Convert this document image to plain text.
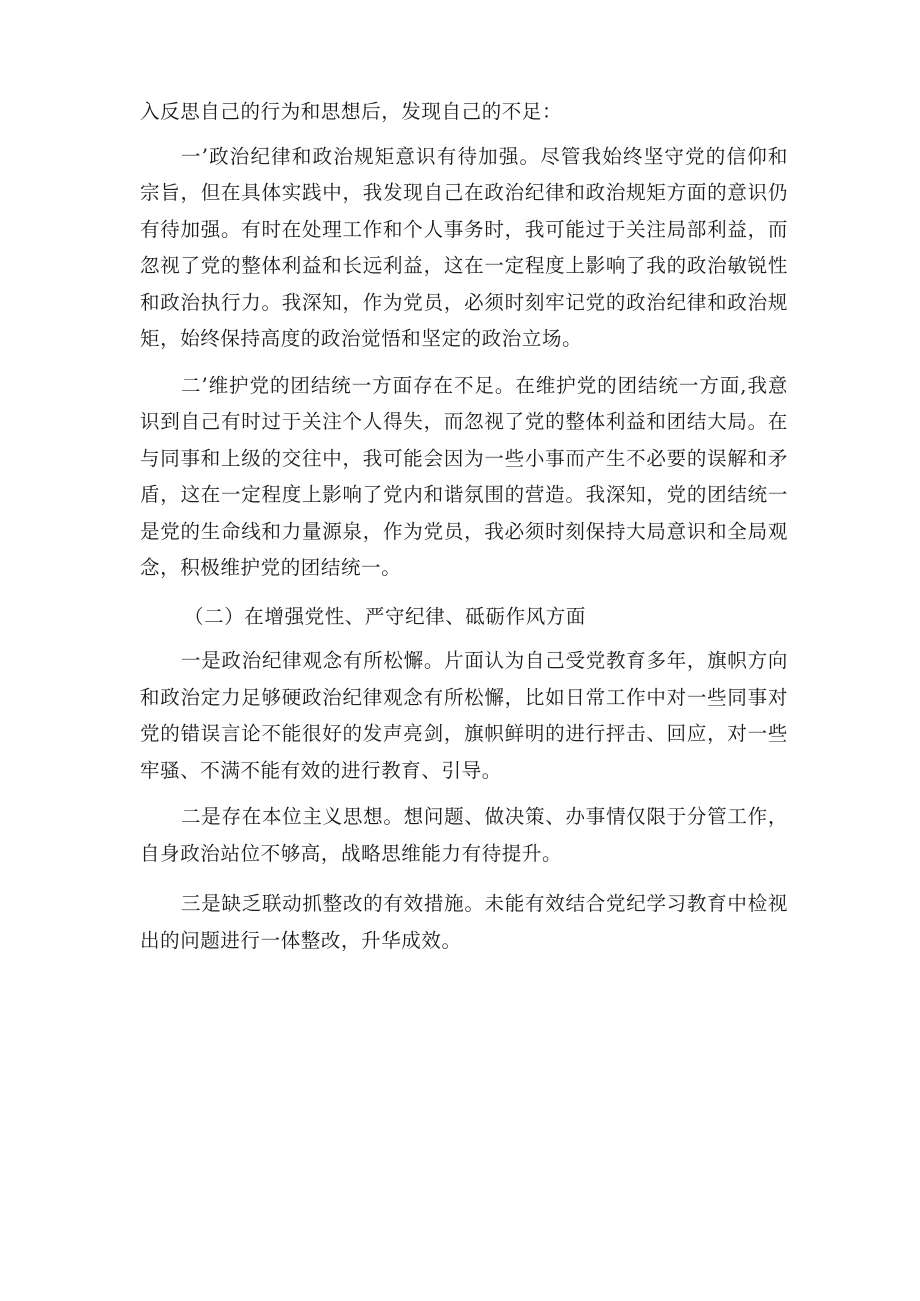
入反思自己的行为和思想后，发现自己的不足：

一’政治纪律和政治规矩意识有待加强。尽管我始终坚守党的信仰和宗旨，但在具体实践中，我发现自己在政治纪律和政治规矩方面的意识仍有待加强。有时在处理工作和个人事务时，我可能过于关注局部利益，而忽视了党的整体利益和长远利益，这在一定程度上影响了我的政治敏锐性和政治执行力。我深知，作为党员，必须时刻牢记党的政治纪律和政治规矩，始终保持高度的政治觉悟和坚定的政治立场。

二’维护党的团结统一方面存在不足。在维护党的团结统一方面,我意识到自己有时过于关注个人得失，而忽视了党的整体利益和团结大局。在与同事和上级的交往中，我可能会因为一些小事而产生不必要的误解和矛盾，这在一定程度上影响了党内和谐氛围的营造。我深知，党的团结统一是党的生命线和力量源泉，作为党员，我必须时刻保持大局意识和全局观念，积极维护党的团结统一。

（二）在增强党性、严守纪律、砥砺作风方面

一是政治纪律观念有所松懈。片面认为自己受党教育多年，旗帜方向和政治定力足够硬政治纪律观念有所松懈，比如日常工作中对一些同事对党的错误言论不能很好的发声亮剑，旗帜鲜明的进行抨击、回应，对一些牢骚、不满不能有效的进行教育、引导。

二是存在本位主义思想。想问题、做决策、办事情仅限于分管工作，自身政治站位不够高，战略思维能力有待提升。

三是缺乏联动抓整改的有效措施。未能有效结合党纪学习教育中检视出的问题进行一体整改，升华成效。
